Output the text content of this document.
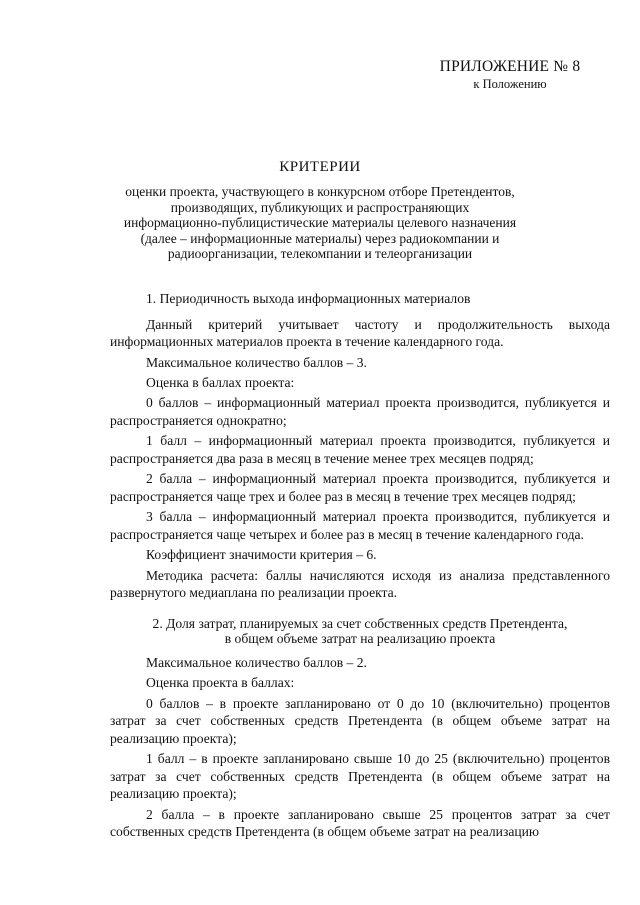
ПРИЛОЖЕНИЕ № 8
к Положению
КРИТЕРИИ
оценки проекта, участвующего в конкурсном отборе Претендентов,
производящих, публикующих и распространяющих
информационно-публицистические материалы целевого назначения
(далее – информационные материалы) через радиокомпании и
радиоорганизации, телекомпании и телеорганизации

1. Периодичность выхода информационных материалов

Данный критерий учитывает частоту и продолжительность выхода информационных материалов проекта в течение календарного года.

Максимальное количество баллов – 3.

Оценка в баллах проекта:

0 баллов – информационный материал проекта производится, публикуется и распространяется однократно;

1 балл – информационный материал проекта производится, публикуется и распространяется два раза в месяц в течение менее трех месяцев подряд;

2 балла – информационный материал проекта производится, публикуется и распространяется чаще трех и более раз в месяц в течение трех месяцев подряд;

3 балла – информационный материал проекта производится, публикуется и распространяется чаще четырех и более раз в месяц в течение календарного года.

Коэффициент значимости критерия – 6.

Методика расчета: баллы начисляются исходя из анализа представленного развернутого медиаплана по реализации проекта.

2. Доля затрат, планируемых за счет собственных средств Претендента,
в общем объеме затрат на реализацию проекта

Максимальное количество баллов – 2.

Оценка проекта в баллах:

0 баллов – в проекте запланировано от 0 до 10 (включительно) процентов затрат за счет собственных средств Претендента (в общем объеме затрат на реализацию проекта);

1 балл – в проекте запланировано свыше 10 до 25 (включительно) процентов затрат за счет собственных средств Претендента (в общем объеме затрат на реализацию проекта);

2 балла – в проекте запланировано свыше 25 процентов затрат за счет собственных средств Претендента (в общем объеме затрат на реализацию
